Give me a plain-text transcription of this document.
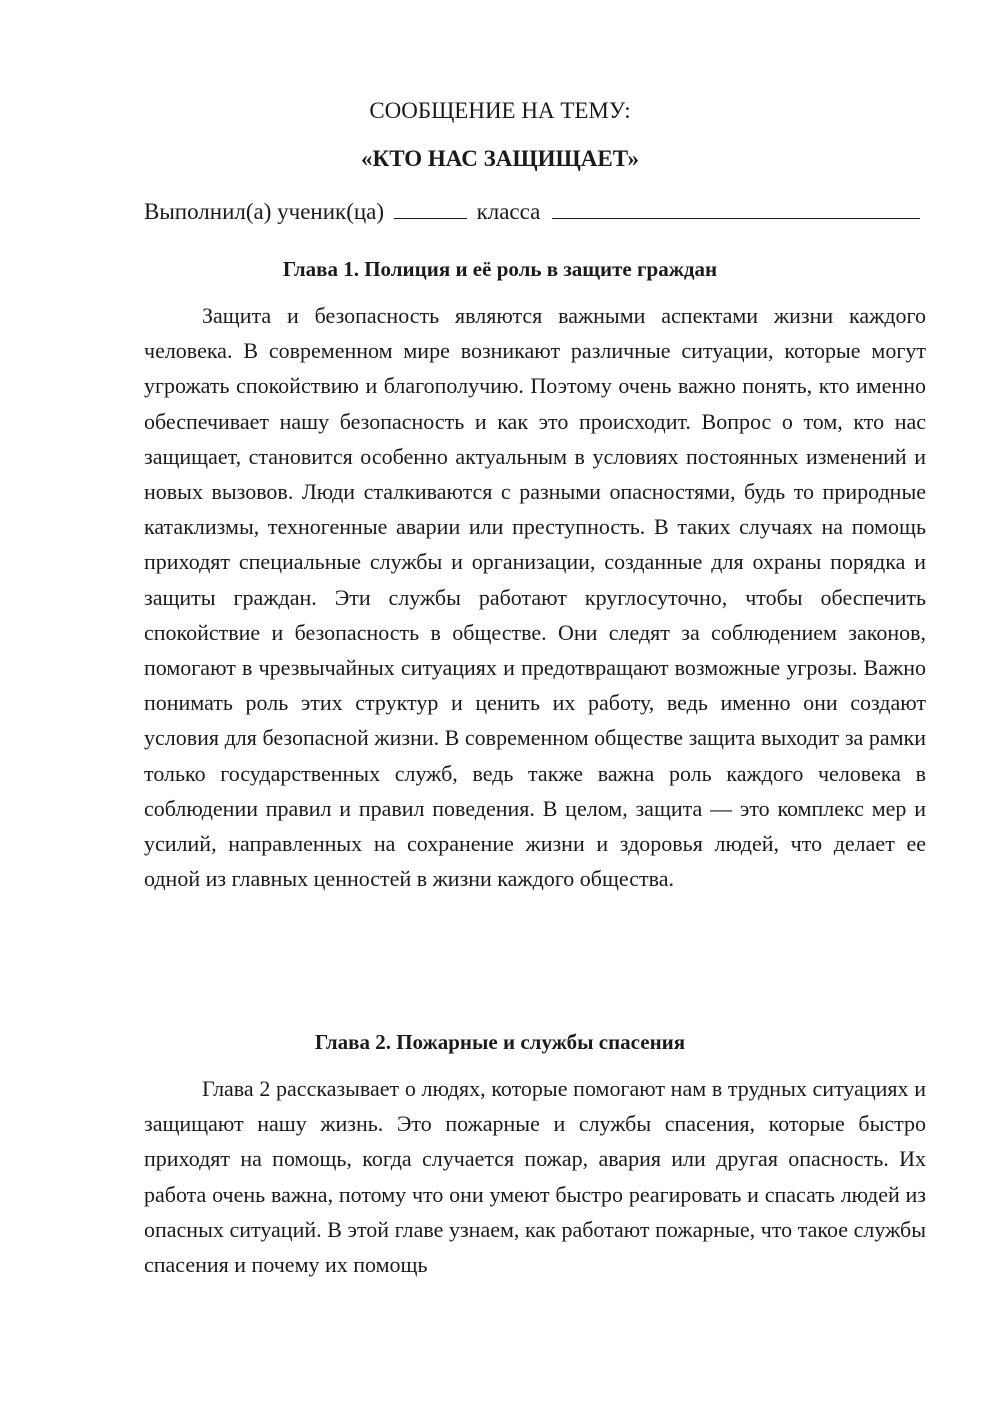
СООБЩЕНИЕ НА ТЕМУ:
«КТО НАС ЗАЩИЩАЕТ»
Выполнил(а) ученик(ца)	класса
Глава 1. Полиция и её роль в защите граждан

Защита и безопасность являются важными аспектами жизни каждого человека. В современном мире возникают различные ситуации, которые могут угрожать спокойствию и благополучию. Поэтому очень важно понять, кто именно обеспечивает нашу безопасность и как это происходит. Вопрос о том, кто нас защищает, становится особенно актуальным в условиях постоянных изменений и новых вызовов. Люди сталкиваются с разными опасностями, будь то природные катаклизмы, техногенные аварии или преступность. В таких случаях на помощь приходят специальные службы и организации, созданные для охраны порядка и защиты граждан. Эти службы работают круглосуточно, чтобы обеспечить спокойствие и безопасность в обществе. Они следят за соблюдением законов, помогают в чрезвычайных ситуациях и предотвращают возможные угрозы. Важно понимать роль этих структур и ценить их работу, ведь именно они создают условия для безопасной жизни. В современном обществе защита выходит за рамки только государственных служб, ведь также важна роль каждого человека в соблюдении правил и правил поведения. В целом, защита — это комплекс мер и усилий, направленных на сохранение жизни и здоровья людей, что делает ее одной из главных ценностей в жизни каждого общества.

Глава 2. Пожарные и службы спасения

Глава 2 рассказывает о людях, которые помогают нам в трудных ситуациях и защищают нашу жизнь. Это пожарные и службы спасения, которые быстро приходят на помощь, когда случается пожар, авария или другая опасность. Их работа очень важна, потому что они умеют быстро реагировать и спасать людей из опасных ситуаций. В этой главе узнаем, как работают пожарные, что такое службы спасения и почему их помощь
